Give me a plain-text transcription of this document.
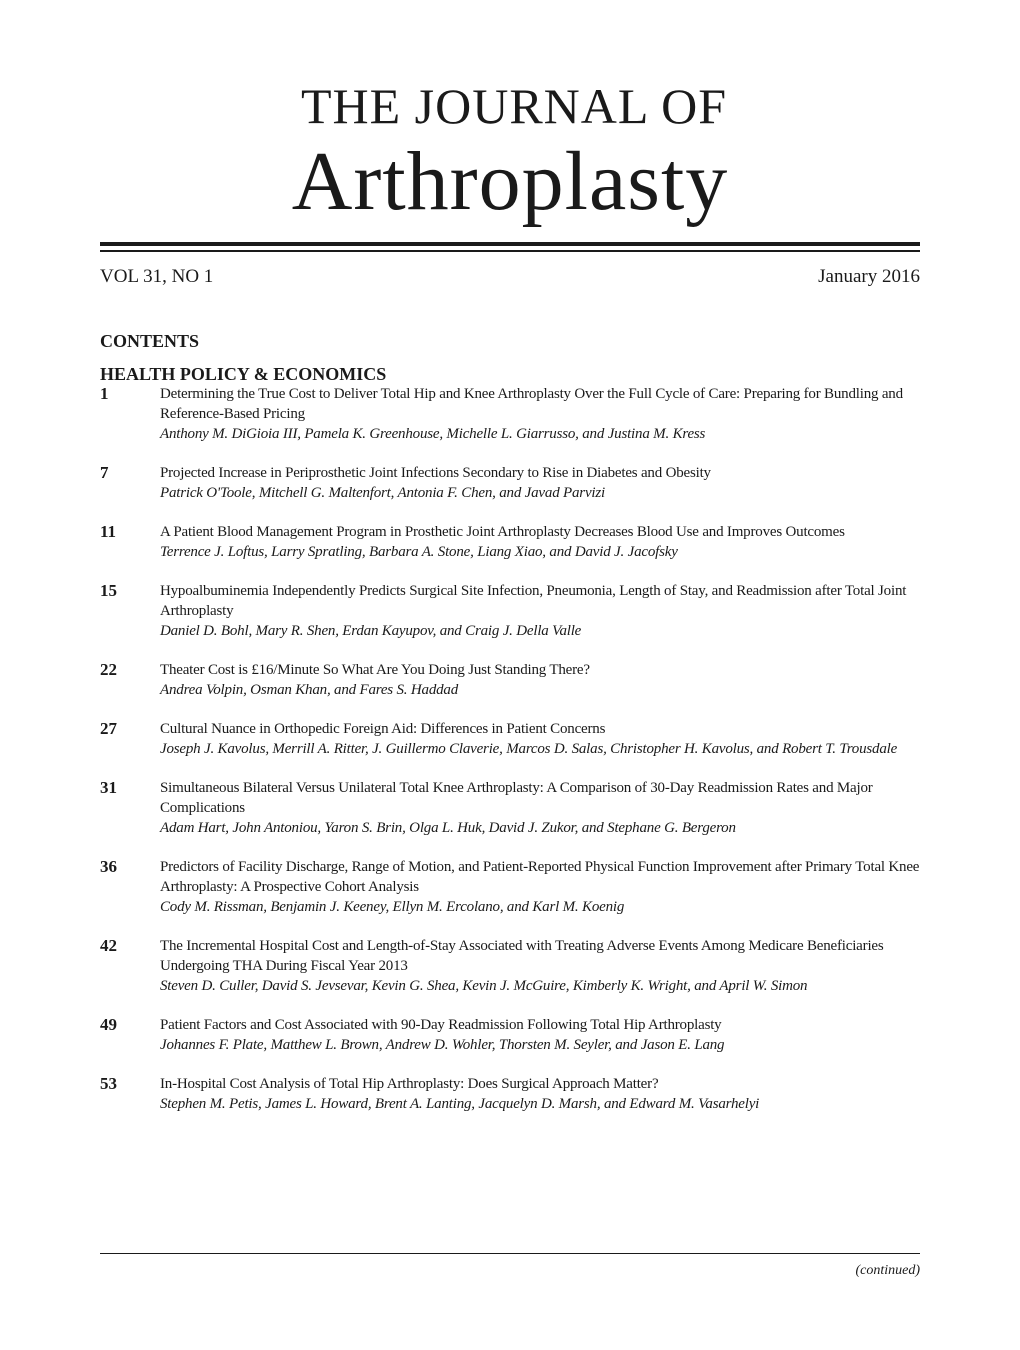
THE JOURNAL OF
Arthroplasty
VOL 31, NO 1	January 2016
CONTENTS
HEALTH POLICY & ECONOMICS
1	Determining the True Cost to Deliver Total Hip and Knee Arthroplasty Over the Full Cycle of Care: Preparing for Bundling and Reference-Based Pricing
Anthony M. DiGioia III, Pamela K. Greenhouse, Michelle L. Giarrusso, and Justina M. Kress
7	Projected Increase in Periprosthetic Joint Infections Secondary to Rise in Diabetes and Obesity
Patrick O'Toole, Mitchell G. Maltenfort, Antonia F. Chen, and Javad Parvizi
11	A Patient Blood Management Program in Prosthetic Joint Arthroplasty Decreases Blood Use and Improves Outcomes
Terrence J. Loftus, Larry Spratling, Barbara A. Stone, Liang Xiao, and David J. Jacofsky
15	Hypoalbuminemia Independently Predicts Surgical Site Infection, Pneumonia, Length of Stay, and Readmission after Total Joint Arthroplasty
Daniel D. Bohl, Mary R. Shen, Erdan Kayupov, and Craig J. Della Valle
22	Theater Cost is £16/Minute So What Are You Doing Just Standing There?
Andrea Volpin, Osman Khan, and Fares S. Haddad
27	Cultural Nuance in Orthopedic Foreign Aid: Differences in Patient Concerns
Joseph J. Kavolus, Merrill A. Ritter, J. Guillermo Claverie, Marcos D. Salas, Christopher H. Kavolus, and Robert T. Trousdale
31	Simultaneous Bilateral Versus Unilateral Total Knee Arthroplasty: A Comparison of 30-Day Readmission Rates and Major Complications
Adam Hart, John Antoniou, Yaron S. Brin, Olga L. Huk, David J. Zukor, and Stephane G. Bergeron
36	Predictors of Facility Discharge, Range of Motion, and Patient-Reported Physical Function Improvement after Primary Total Knee Arthroplasty: A Prospective Cohort Analysis
Cody M. Rissman, Benjamin J. Keeney, Ellyn M. Ercolano, and Karl M. Koenig
42	The Incremental Hospital Cost and Length-of-Stay Associated with Treating Adverse Events Among Medicare Beneficiaries Undergoing THA During Fiscal Year 2013
Steven D. Culler, David S. Jevsevar, Kevin G. Shea, Kevin J. McGuire, Kimberly K. Wright, and April W. Simon
49	Patient Factors and Cost Associated with 90-Day Readmission Following Total Hip Arthroplasty
Johannes F. Plate, Matthew L. Brown, Andrew D. Wohler, Thorsten M. Seyler, and Jason E. Lang
53	In-Hospital Cost Analysis of Total Hip Arthroplasty: Does Surgical Approach Matter?
Stephen M. Petis, James L. Howard, Brent A. Lanting, Jacquelyn D. Marsh, and Edward M. Vasarhelyi
(continued)
